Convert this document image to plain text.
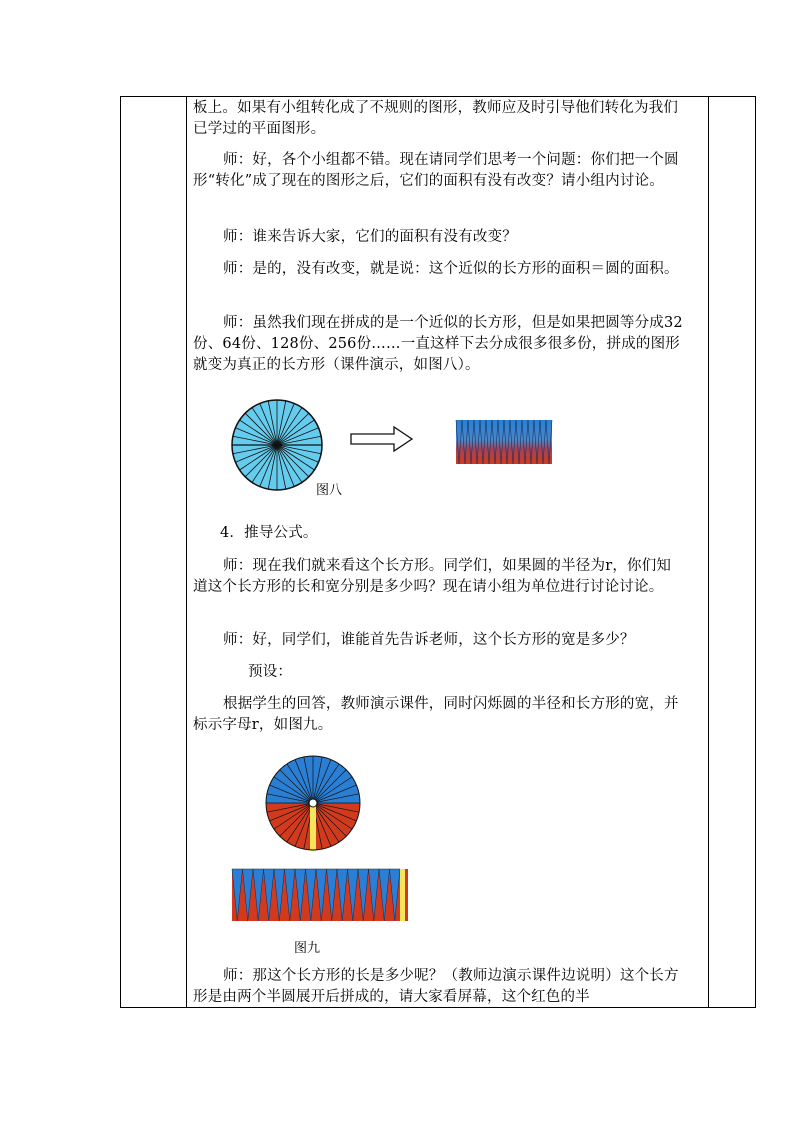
板上。如果有小组转化成了不规则的图形，教师应及时引导他们转化为我们已学过的平面图形。

师：好，各个小组都不错。现在请同学们思考一个问题：你们把一个圆形“转化”成了现在的图形之后，它们的面积有没有改变？请小组内讨论。

师：谁来告诉大家，它们的面积有没有改变？

师：是的，没有改变，就是说：这个近似的长方形的面积＝圆的面积。

师：虽然我们现在拼成的是一个近似的长方形，但是如果把圆等分成32份、64份、128份、256份……一直这样下去分成很多很多份，拼成的图形就变为真正的长方形（课件演示，如图八）。

图八

4．推导公式。

师：现在我们就来看这个长方形。同学们，如果圆的半径为r，你们知道这个长方形的长和宽分别是多少吗？现在请小组为单位进行讨论讨论。

师：好，同学们，谁能首先告诉老师，这个长方形的宽是多少？

预设：

根据学生的回答，教师演示课件，同时闪烁圆的半径和长方形的宽，并标示字母r，如图九。

图九

师：那这个长方形的长是多少呢？（教师边演示课件边说明）这个长方形是由两个半圆展开后拼成的，请大家看屏幕，这个红色的半
